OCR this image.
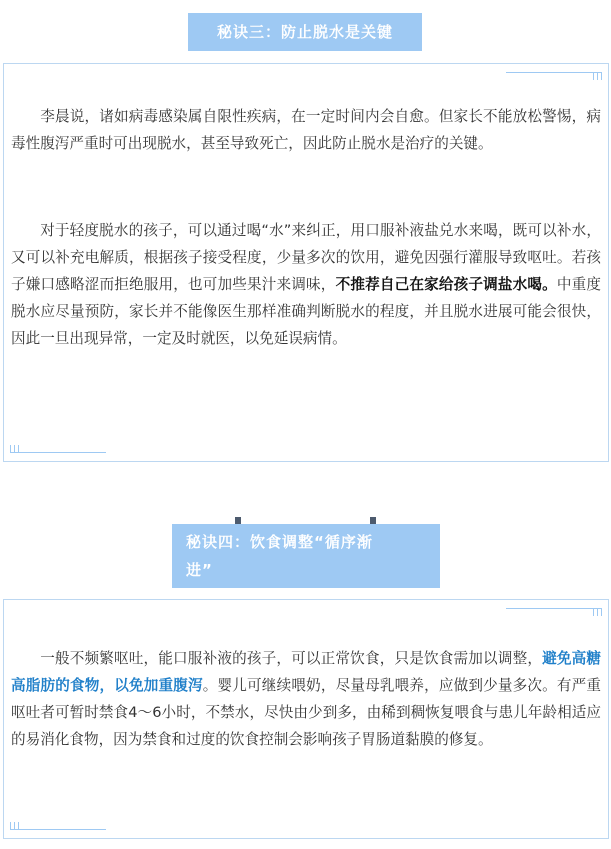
秘诀三：防止脱水是关键

李晨说，诸如病毒感染属自限性疾病，在一定时间内会自愈。但家长不能放松警惕，病毒性腹泻严重时可出现脱水，甚至导致死亡，因此防止脱水是治疗的关键。

对于轻度脱水的孩子，可以通过喝“水”来纠正，用口服补液盐兑水来喝，既可以补水，又可以补充电解质，根据孩子接受程度，少量多次的饮用，避免因强行灌服导致呕吐。若孩子嫌口感略涩而拒绝服用，也可加些果汁来调味，不推荐自己在家给孩子调盐水喝。中重度脱水应尽量预防，家长并不能像医生那样准确判断脱水的程度，并且脱水进展可能会很快，因此一旦出现异常，一定及时就医，以免延误病情。

秘诀四：饮食调整“循序渐
进”

一般不频繁呕吐，能口服补液的孩子，可以正常饮食，只是饮食需加以调整，避免高糖高脂肪的食物，以免加重腹泻。婴儿可继续喂奶，尽量母乳喂养，应做到少量多次。有严重呕吐者可暂时禁食4～6小时，不禁水，尽快由少到多，由稀到稠恢复喂食与患儿年龄相适应的易消化食物，因为禁食和过度的饮食控制会影响孩子胃肠道黏膜的修复。
